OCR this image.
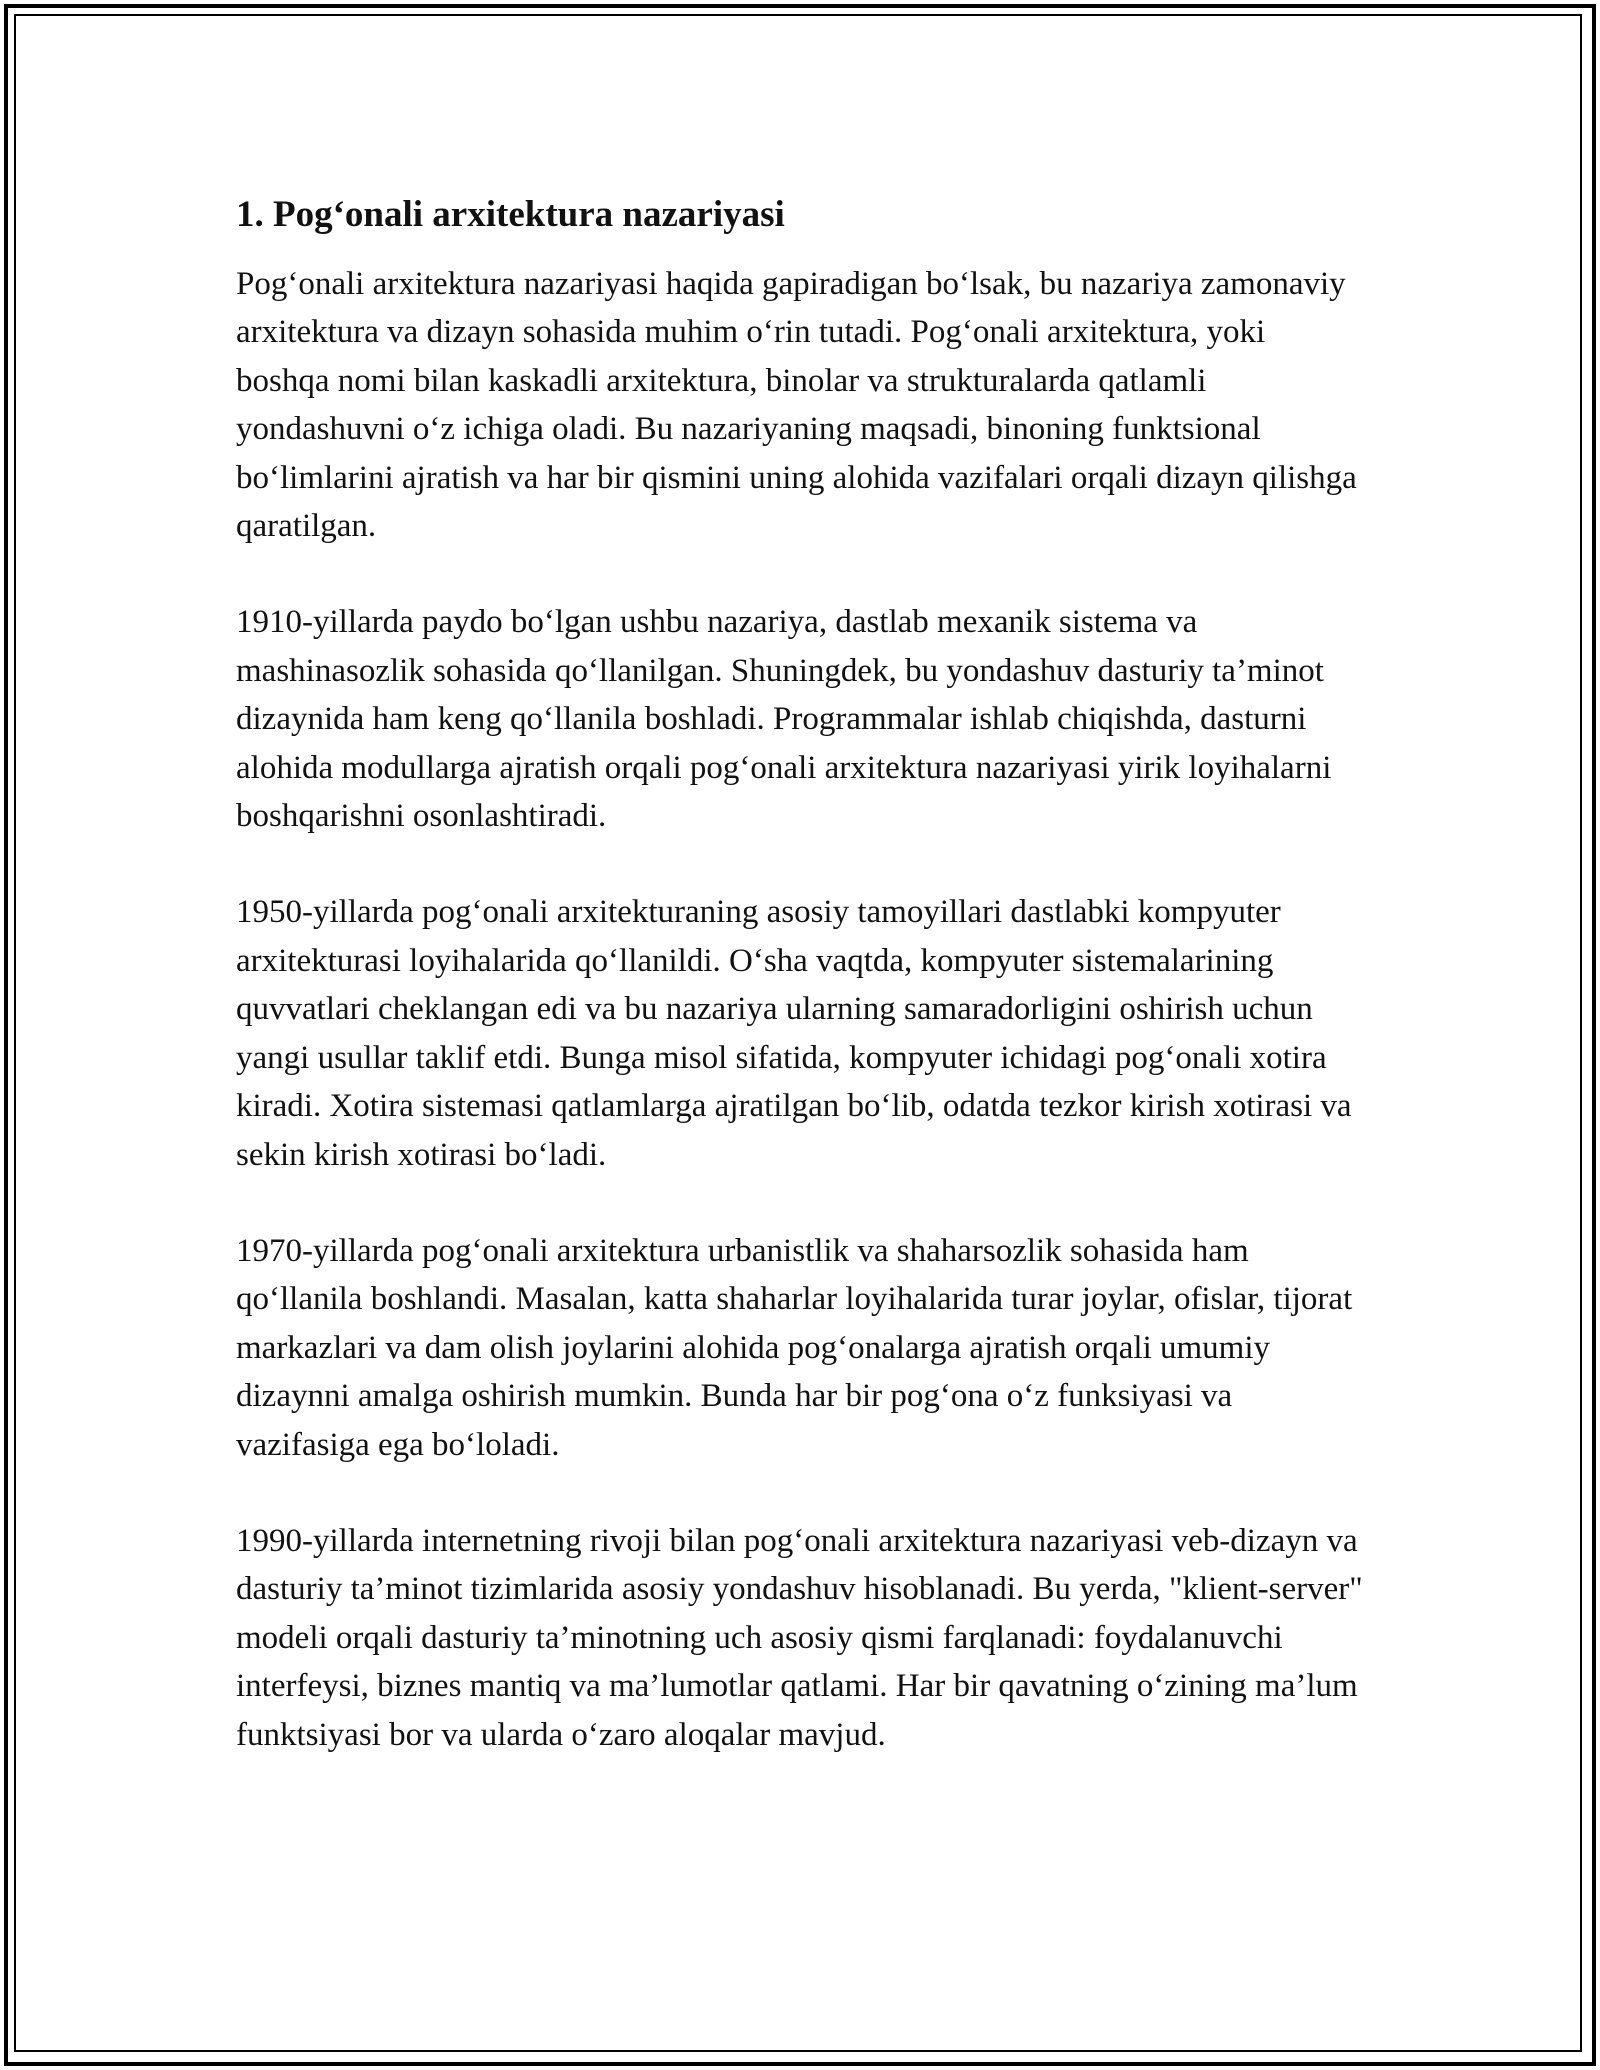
1. Pog‘onali arxitektura nazariyasi

Pog‘onali arxitektura nazariyasi haqida gapiradigan bo‘lsak, bu nazariya zamonaviy arxitektura va dizayn sohasida muhim o‘rin tutadi. Pog‘onali arxitektura, yoki boshqa nomi bilan kaskadli arxitektura, binolar va strukturalarda qatlamli yondashuvni o‘z ichiga oladi. Bu nazariyaning maqsadi, binoning funktsional bo‘limlarini ajratish va har bir qismini uning alohida vazifalari orqali dizayn qilishga qaratilgan.

1910-yillarda paydo bo‘lgan ushbu nazariya, dastlab mexanik sistema va mashinasozlik sohasida qo‘llanilgan. Shuningdek, bu yondashuv dasturiy ta’minot dizaynida ham keng qo‘llanila boshladi. Programmalar ishlab chiqishda, dasturni alohida modullarga ajratish orqali pog‘onali arxitektura nazariyasi yirik loyihalarni boshqarishni osonlashtiradi.

1950-yillarda pog‘onali arxitekturaning asosiy tamoyillari dastlabki kompyuter arxitekturasi loyihalarida qo‘llanildi. O‘sha vaqtda, kompyuter sistemalarining quvvatlari cheklangan edi va bu nazariya ularning samaradorligini oshirish uchun yangi usullar taklif etdi. Bunga misol sifatida, kompyuter ichidagi pog‘onali xotira kiradi. Xotira sistemasi qatlamlarga ajratilgan bo‘lib, odatda tezkor kirish xotirasi va sekin kirish xotirasi bo‘ladi.

1970-yillarda pog‘onali arxitektura urbanistlik va shaharsozlik sohasida ham qo‘llanila boshlandi. Masalan, katta shaharlar loyihalarida turar joylar, ofislar, tijorat markazlari va dam olish joylarini alohida pog‘onalarga ajratish orqali umumiy dizaynni amalga oshirish mumkin. Bunda har bir pog‘ona o‘z funksiyasi va vazifasiga ega bo‘loladi.

1990-yillarda internetning rivoji bilan pog‘onali arxitektura nazariyasi veb-dizayn va dasturiy ta’minot tizimlarida asosiy yondashuv hisoblanadi. Bu yerda, "klient-server" modeli orqali dasturiy ta’minotning uch asosiy qismi farqlanadi: foydalanuvchi interfeysi, biznes mantiq va ma’lumotlar qatlami. Har bir qavatning o‘zining ma’lum funktsiyasi bor va ularda o‘zaro aloqalar mavjud.
